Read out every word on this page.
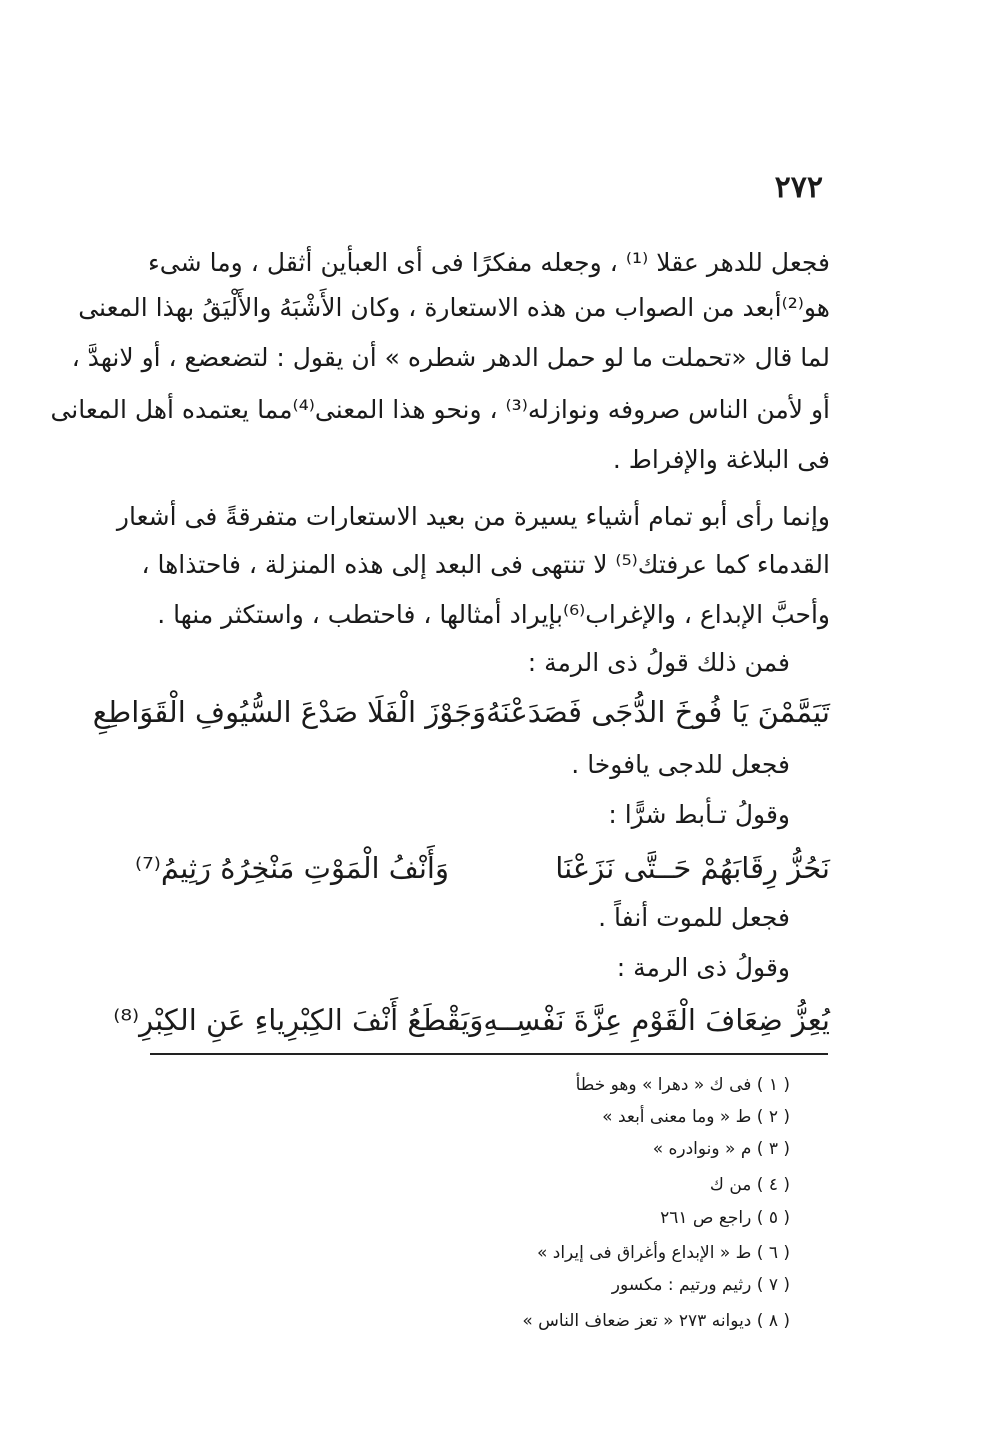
٢٧٢
فجعل للدهر عقلا ⁽¹⁾ ، وجعله مفكرًا فى أى العبأين أثقل ، وما شىء
هو⁽²⁾أبعد من الصواب من هذه الاستعارة ، وكان الأَشْبَهُ والأَلْيَقُ بهذا المعنى
لما قال «تحملت ما لو حمل الدهر شطره » أن يقول : لتضعضع ، أو لانهدَّ ،
أو لأمن الناس صروفه ونوازله⁽³⁾ ، ونحو هذا المعنى⁽⁴⁾مما يعتمده أهل المعانى
فى البلاغة والإفراط .
وإنما رأى أبو تمام أشياء يسيرة من بعيد الاستعارات متفرقةً فى أشعار
القدماء كما عرفتك⁽⁵⁾ لا تنتهى فى البعد إلى هذه المنزلة ، فاحتذاها ،
وأحبَّ الإبداع ، والإغراب⁽⁶⁾بإيراد أمثالها ، فاحتطب ، واستكثر منها .
فمن ذلك قولُ ذى الرمة :
تَيَمَّمْنَ يَا فُوخَ الدُّجَى فَصَدَعْنَهُ
وَجَوْزَ الْفَلَا صَدْعَ السُّيُوفِ الْقَوَاطِعِ
فجعل للدجى يافوخا .
وقولُ تـأبط شرًّا :
نَحُزُّ رِقَابَهُمْ حَــتَّى نَزَعْنَا
وَأَنْفُ الْمَوْتِ مَنْخِرُهُ رَثِيمُ⁽⁷⁾
فجعل للموت أنفاً .
وقولُ ذى الرمة :
يُعِزُّ ضِعَافَ الْقَوْمِ عِزَّةَ نَفْسِــهِ
وَيَقْطَعُ أَنْفَ الكِبْرِياءِ عَنِ الكِبْرِ⁽⁸⁾
( ١ ) فى ك « دهرا » وهو خطأ
( ٢ ) ط « وما معنى أبعد »
( ٣ ) م « ونوادره »
( ٤ ) من ك
( ٥ ) راجع ص ٢٦١
( ٦ ) ط « الإبداع وأغراق فى إيراد »
( ٧ ) رثيم ورتيم : مكسور
( ٨ ) ديوانه ٢٧٣ « تعز ضعاف الناس »
